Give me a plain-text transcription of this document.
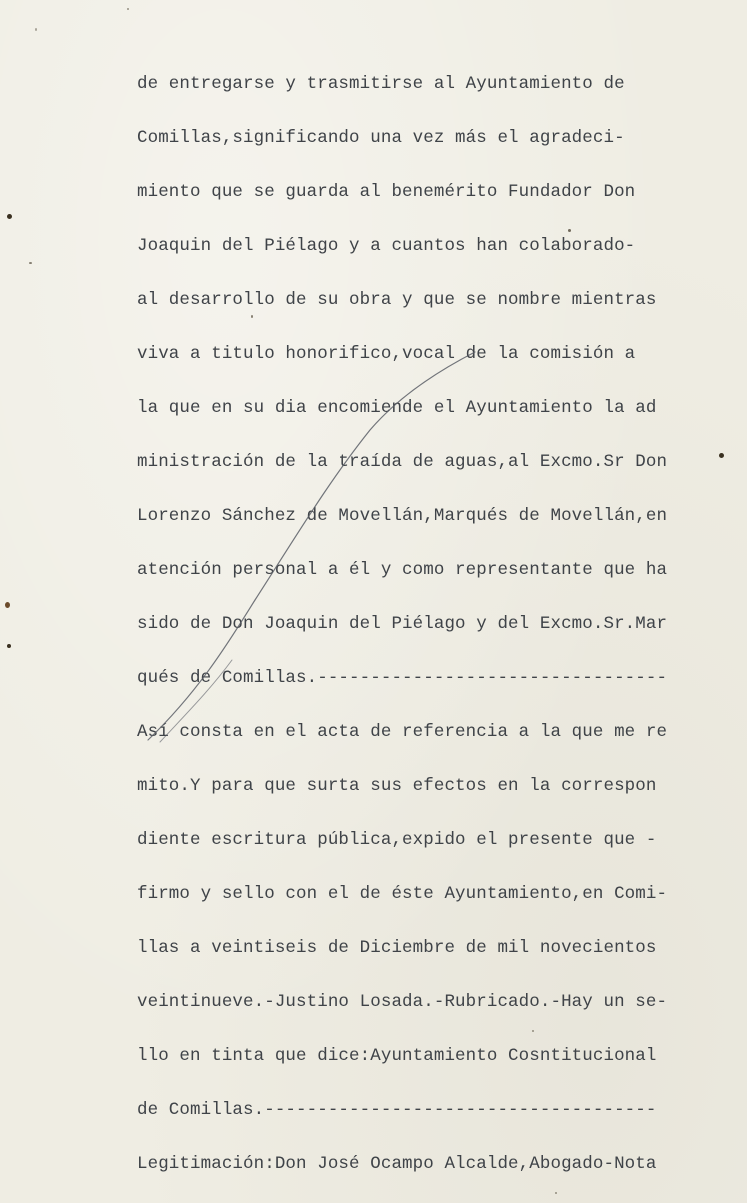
de entregarse y trasmitirse al Ayuntamiento de
Comillas,significando una vez más el agradeci-
miento que se guarda al benemérito Fundador Don
Joaquin del Piélago y a cuantos han colaborado-
al desarrollo de su obra y que se nombre mientras
viva a titulo honorifico,vocal de la comisión a
la que en su dia encomiende el Ayuntamiento la ad
ministración de la traída de aguas,al Excmo.Sr Don
Lorenzo Sánchez de Movellán,Marqués de Movellán,en
atención personal a él y como representante que ha
sido de Don Joaquin del Piélago y del Excmo.Sr.Mar
qués de Comillas.---------------------------------
Así consta en el acta de referencia a la que me re
mito.Y para que surta sus efectos en la correspon
diente escritura pública,expido el presente que -
firmo y sello con el de éste Ayuntamiento,en Comi-
llas a veintiseis de Diciembre de mil novecientos
veintinueve.-Justino Losada.-Rubricado.-Hay un se-
llo en tinta que dice:Ayuntamiento Cosntitucional
de Comillas.-------------------------------------
Legitimación:Don José Ocampo Alcalde,Abogado-Nota
